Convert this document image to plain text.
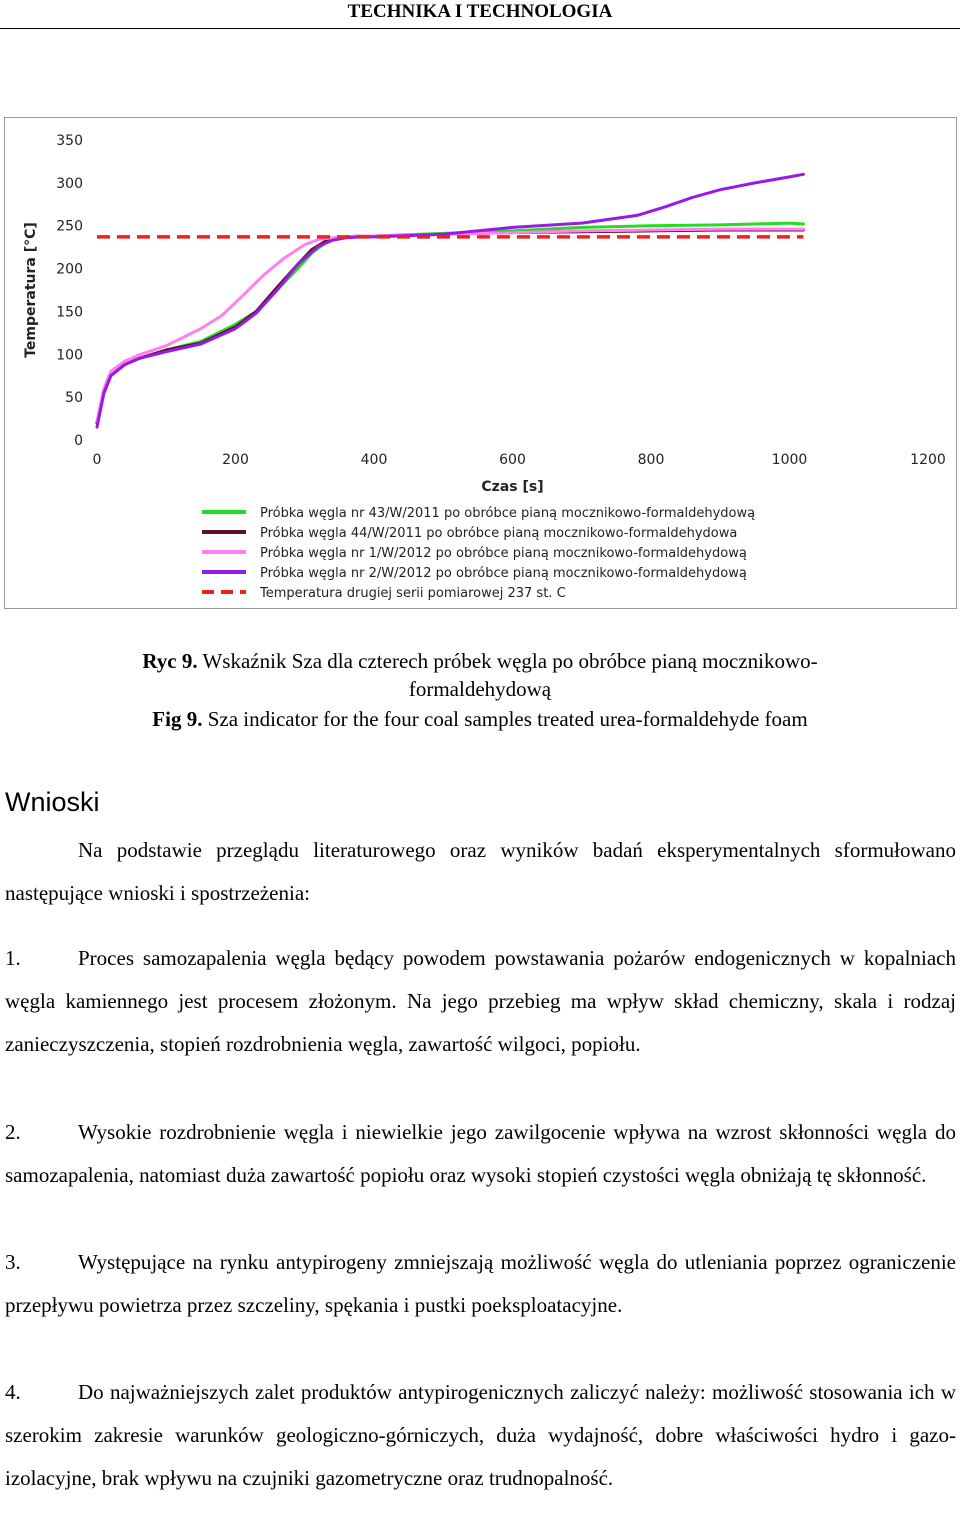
TECHNIKA I TECHNOLOGIA
0
50
100
150
200
250
300
350
0	200	400	600	800	1000	1200
Czas [s]
Temperatura [°C]
Próbka węgla nr 43/W/2011 po obróbce pianą mocznikowo-formaldehydową
Próbka węgla 44/W/2011 po obróbce pianą mocznikowo-formaldehydowa
Próbka węgla nr 1/W/2012 po obróbce pianą mocznikowo-formaldehydową
Próbka węgla nr 2/W/2012 po obróbce pianą mocznikowo-formaldehydową
Temperatura drugiej serii pomiarowej 237 st. C
Ryc 9. Wskaźnik Sza dla czterech próbek węgla po obróbce pianą mocznikowo-
formaldehydową
Fig 9. Sza indicator for the four coal samples treated urea-formaldehyde foam
Wnioski
Na podstawie przeglądu literaturowego oraz wyników badań eksperymentalnych sformułowano następujące wnioski i spostrzeżenia:
1.	Proces samozapalenia węgla będący powodem powstawania pożarów endogenicznych w kopalniach węgla kamiennego jest procesem złożonym. Na jego przebieg ma wpływ skład chemiczny, skala i rodzaj zanieczyszczenia, stopień rozdrobnienia węgla, zawartość wilgoci, popiołu.
2.	Wysokie rozdrobnienie węgla i niewielkie jego zawilgocenie wpływa na wzrost skłonności węgla do samozapalenia, natomiast duża zawartość popiołu oraz wysoki stopień czystości węgla obniżają tę skłonność.
3.	Występujące na rynku antypirogeny zmniejszają możliwość węgla do utleniania poprzez ograniczenie przepływu powietrza przez szczeliny, spękania i pustki poeksploatacyjne.
4.	Do najważniejszych zalet produktów antypirogenicznych zaliczyć należy: możliwość stosowania ich w szerokim zakresie warunków geologiczno-górniczych, duża wydajność, dobre właściwości hydro i gazo-izolacyjne, brak wpływu na czujniki gazometryczne oraz trudnopalność.
